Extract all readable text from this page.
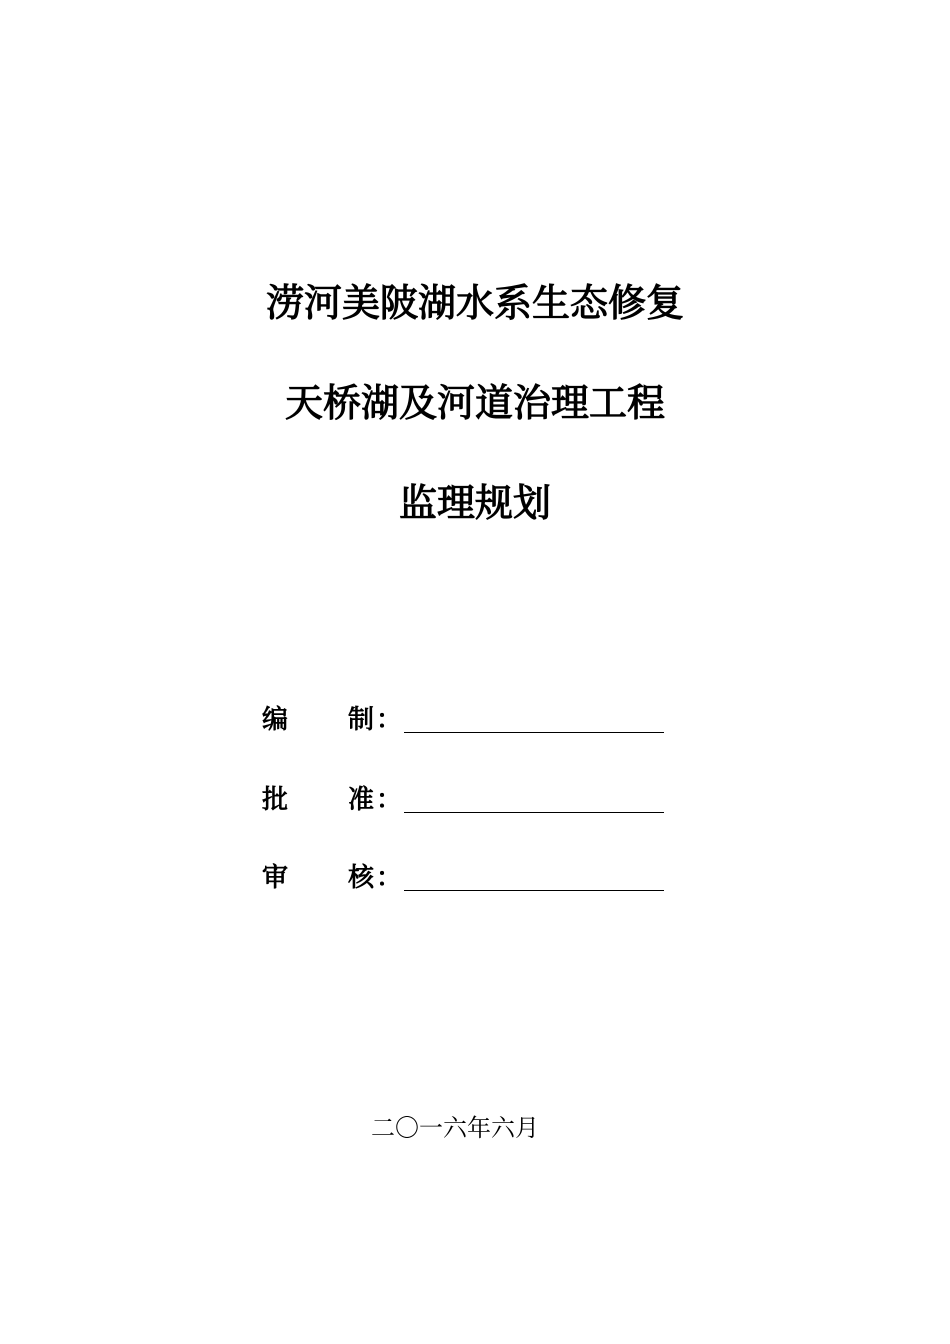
涝河美陂湖水系生态修复
天桥湖及河道治理工程
监理规划
编 制 ：
批 准 ：
审 核 ：
二〇一六年六月
